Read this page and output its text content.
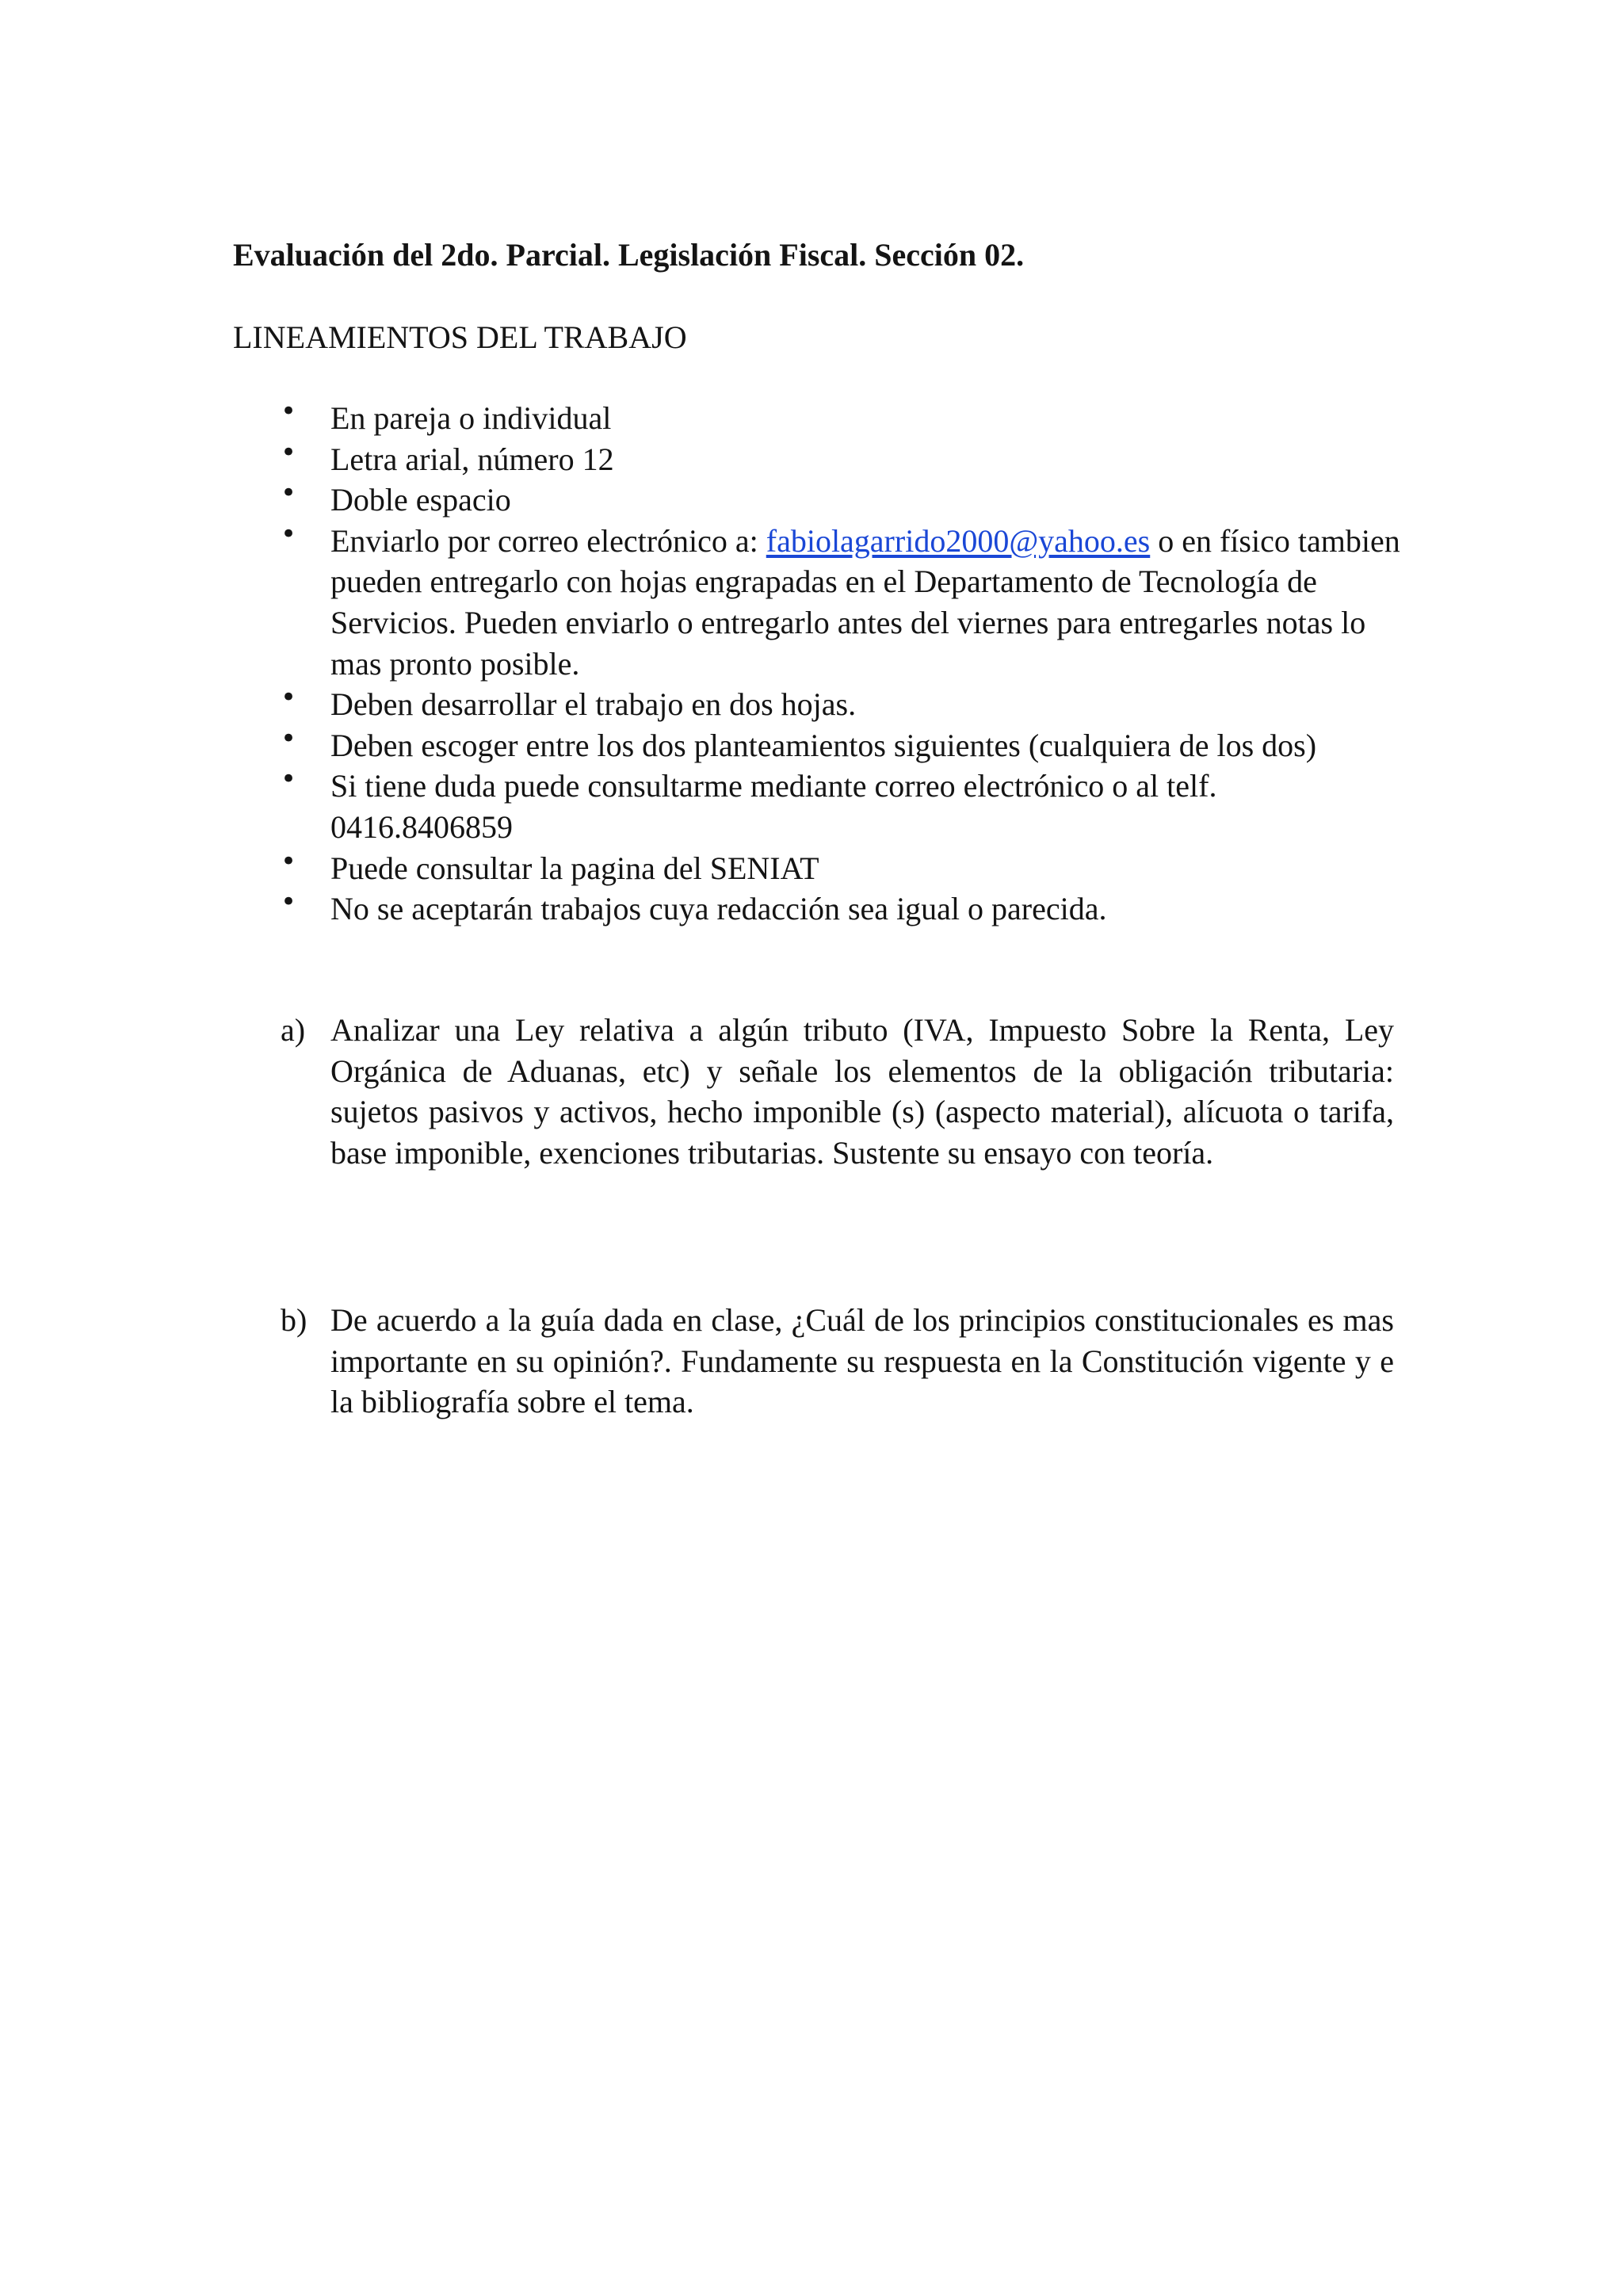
Evaluación del 2do. Parcial. Legislación Fiscal. Sección 02.

LINEAMIENTOS DEL TRABAJO

• En pareja o individual
• Letra arial, número 12
• Doble espacio
• Enviarlo por correo electrónico a: fabiolagarrido2000@yahoo.es o en físico tambien pueden entregarlo con hojas engrapadas en el Departamento de Tecnología de Servicios. Pueden enviarlo o entregarlo antes del viernes para entregarles notas lo mas pronto posible.
• Deben desarrollar el trabajo en dos hojas.
• Deben escoger entre los dos planteamientos siguientes (cualquiera de los dos)
• Si tiene duda puede consultarme mediante correo electrónico o al telf. 0416.8406859
• Puede consultar la pagina del SENIAT
• No se aceptarán trabajos cuya redacción sea igual o parecida.
a) Analizar una Ley relativa a algún tributo (IVA, Impuesto Sobre la Renta, Ley Orgánica de Aduanas, etc) y señale los elementos de la obligación tributaria: sujetos pasivos y activos, hecho imponible (s) (aspecto material), alícuota o tarifa, base imponible, exenciones tributarias. Sustente su ensayo con teoría.
b) De acuerdo a la guía dada en clase, ¿Cuál de los principios constitucionales es mas importante en su opinión?. Fundamente su respuesta en la Constitución vigente y e la bibliografía sobre el tema.
